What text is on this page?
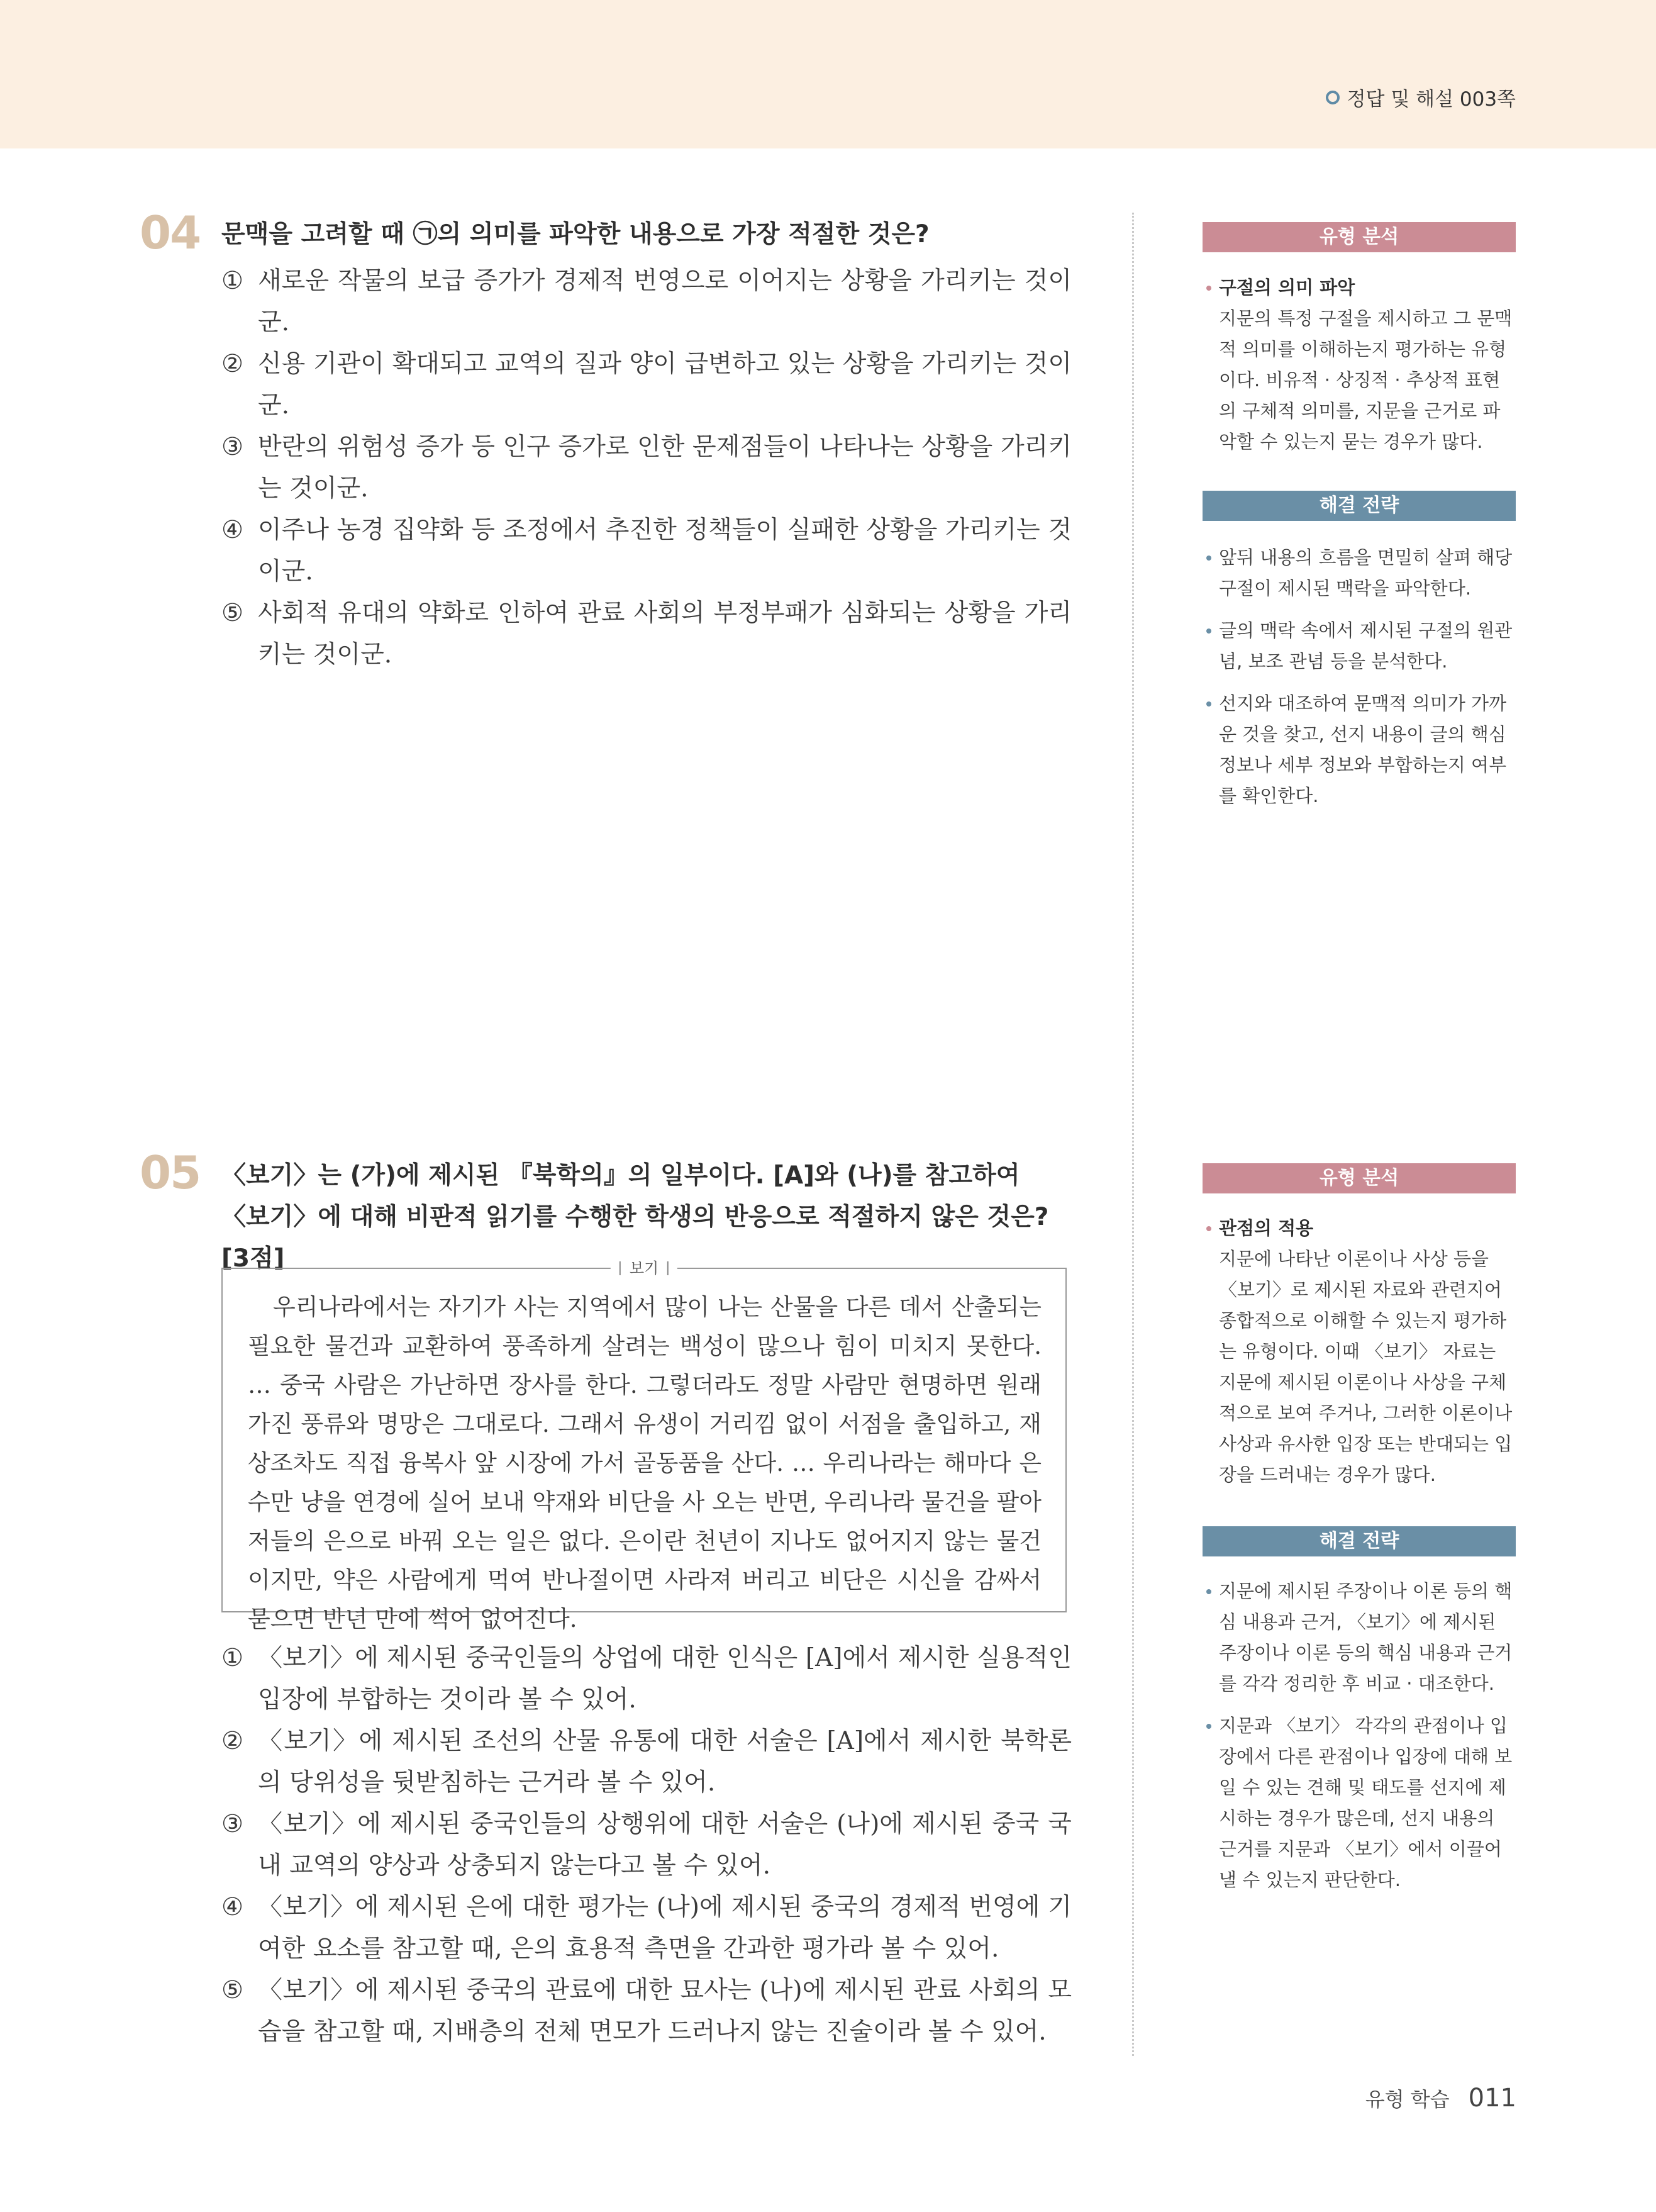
정답 및 해설 003쪽
04 문맥을 고려할 때 ㉠의 의미를 파악한 내용으로 가장 적절한 것은?
① 새로운 작물의 보급 증가가 경제적 번영으로 이어지는 상황을 가리키는 것이군.
② 신용 기관이 확대되고 교역의 질과 양이 급변하고 있는 상황을 가리키는 것이군.
③ 반란의 위험성 증가 등 인구 증가로 인한 문제점들이 나타나는 상황을 가리키는 것이군.
④ 이주나 농경 집약화 등 조정에서 추진한 정책들이 실패한 상황을 가리키는 것이군.
⑤ 사회적 유대의 약화로 인하여 관료 사회의 부정부패가 심화되는 상황을 가리키는 것이군.
05 〈보기〉는 (가)에 제시된 『북학의』의 일부이다. [A]와 (나)를 참고하여 〈보기〉에 대해 비판적 읽기를 수행한 학생의 반응으로 적절하지 않은 것은? [3점]	보기
우리나라에서는 자기가 사는 지역에서 많이 나는 산물을 다른 데서 산출되는 필요한 물건과 교환하여 풍족하게 살려는 백성이 많으나 힘이 미치지 못한다. … 중국 사람은 가난하면 장사를 한다. 그렇더라도 정말 사람만 현명하면 원래 가진 풍류와 명망은 그대로다. 그래서 유생이 거리낌 없이 서점을 출입하고, 재상조차도 직접 융복사 앞 시장에 가서 골동품을 산다. … 우리나라는 해마다 은 수만 냥을 연경에 실어 보내 약재와 비단을 사 오는 반면, 우리나라 물건을 팔아 저들의 은으로 바꿔 오는 일은 없다. 은이란 천년이 지나도 없어지지 않는 물건이지만, 약은 사람에게 먹여 반나절이면 사라져 버리고 비단은 시신을 감싸서 묻으면 반년 만에 썩어 없어진다.
① 〈보기〉에 제시된 중국인들의 상업에 대한 인식은 [A]에서 제시한 실용적인 입장에 부합하는 것이라 볼 수 있어.
② 〈보기〉에 제시된 조선의 산물 유통에 대한 서술은 [A]에서 제시한 북학론의 당위성을 뒷받침하는 근거라 볼 수 있어.
③ 〈보기〉에 제시된 중국인들의 상행위에 대한 서술은 (나)에 제시된 중국 국내 교역의 양상과 상충되지 않는다고 볼 수 있어.
④ 〈보기〉에 제시된 은에 대한 평가는 (나)에 제시된 중국의 경제적 번영에 기여한 요소를 참고할 때, 은의 효용적 측면을 간과한 평가라 볼 수 있어.
⑤ 〈보기〉에 제시된 중국의 관료에 대한 묘사는 (나)에 제시된 관료 사회의 모습을 참고할 때, 지배층의 전체 면모가 드러나지 않는 진술이라 볼 수 있어.
유형 분석
구절의 의미 파악
지문의 특정 구절을 제시하고 그 문맥적 의미를 이해하는지 평가하는 유형이다. 비유적 · 상징적 · 추상적 표현의 구체적 의미를, 지문을 근거로 파악할 수 있는지 묻는 경우가 많다.
해결 전략
앞뒤 내용의 흐름을 면밀히 살펴 해당 구절이 제시된 맥락을 파악한다.
글의 맥락 속에서 제시된 구절의 원관념, 보조 관념 등을 분석한다.
선지와 대조하여 문맥적 의미가 가까운 것을 찾고, 선지 내용이 글의 핵심 정보나 세부 정보와 부합하는지 여부를 확인한다.
유형 분석
관점의 적용
지문에 나타난 이론이나 사상 등을 〈보기〉로 제시된 자료와 관련지어 종합적으로 이해할 수 있는지 평가하는 유형이다. 이때 〈보기〉 자료는 지문에 제시된 이론이나 사상을 구체적으로 보여 주거나, 그러한 이론이나 사상과 유사한 입장 또는 반대되는 입장을 드러내는 경우가 많다.
해결 전략
지문에 제시된 주장이나 이론 등의 핵심 내용과 근거, 〈보기〉에 제시된 주장이나 이론 등의 핵심 내용과 근거를 각각 정리한 후 비교 · 대조한다.
지문과 〈보기〉 각각의 관점이나 입장에서 다른 관점이나 입장에 대해 보일 수 있는 견해 및 태도를 선지에 제시하는 경우가 많은데, 선지 내용의 근거를 지문과 〈보기〉에서 이끌어 낼 수 있는지 판단한다.
유형 학습 011
